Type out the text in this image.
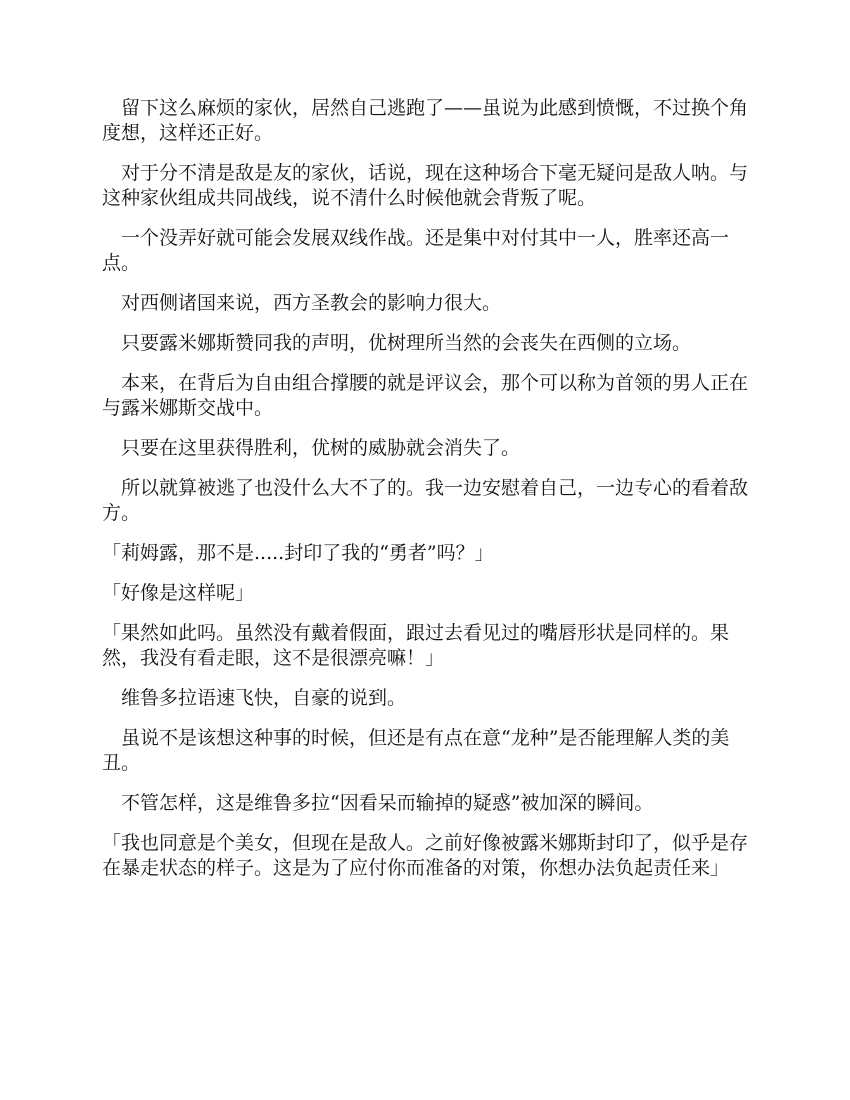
　留下这么麻烦的家伙，居然自己逃跑了——虽说为此感到愤慨，不过换个角度想，这样还正好。

　对于分不清是敌是友的家伙，话说，现在这种场合下毫无疑问是敌人呐。与这种家伙组成共同战线，说不清什么时候他就会背叛了呢。

　一个没弄好就可能会发展双线作战。还是集中对付其中一人，胜率还高一点。

　对西侧诸国来说，西方圣教会的影响力很大。

　只要露米娜斯赞同我的声明，优树理所当然的会丧失在西侧的立场。

　本来，在背后为自由组合撑腰的就是评议会，那个可以称为首领的男人正在与露米娜斯交战中。

　只要在这里获得胜利，优树的威胁就会消失了。

　所以就算被逃了也没什么大不了的。我一边安慰着自己，一边专心的看着敌方。

「莉姆露，那不是.....封印了我的“勇者”吗？」

「好像是这样呢」

「果然如此吗。虽然没有戴着假面，跟过去看见过的嘴唇形状是同样的。果然，我没有看走眼，这不是很漂亮嘛！」

　维鲁多拉语速飞快，自豪的说到。

　虽说不是该想这种事的时候，但还是有点在意“龙种”是否能理解人类的美丑。

　不管怎样，这是维鲁多拉“因看呆而输掉的疑惑”被加深的瞬间。

「我也同意是个美女，但现在是敌人。之前好像被露米娜斯封印了，似乎是存在暴走状态的样子。这是为了应付你而准备的对策，你想办法负起责任来」
